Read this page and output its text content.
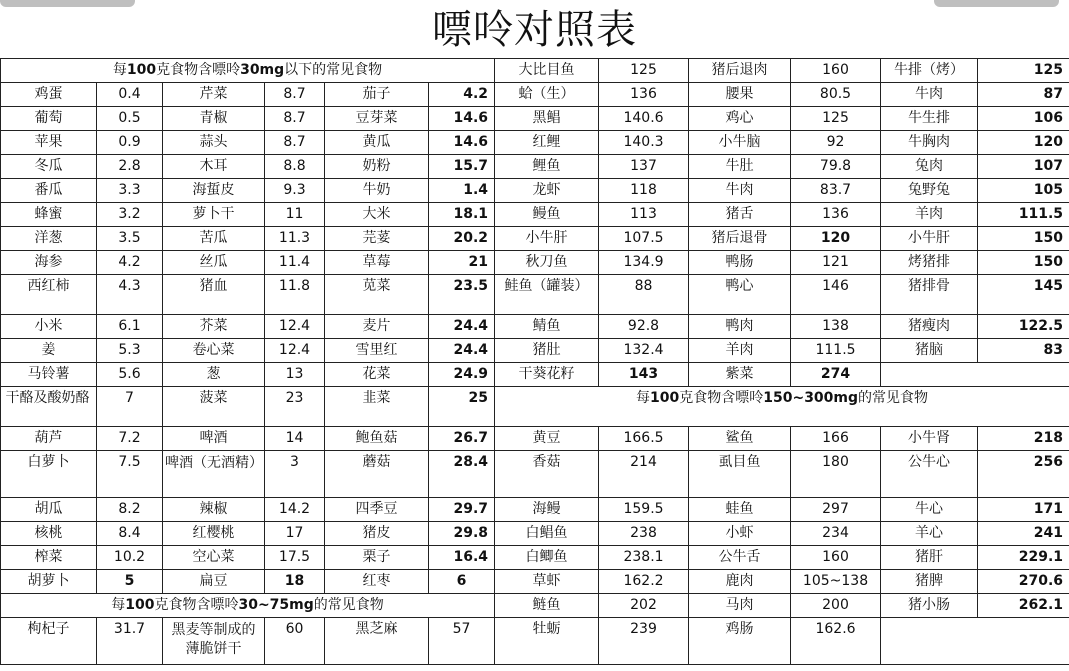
嘌呤对照表
每100克食物含嘌呤30mg以下的常见食物						大比目鱼	125	猪后退肉	160	牛排（烤）	125
鸡蛋	0.4	芹菜	8.7	茄子	4.2	蛤（生）	136	腰果	80.5	牛肉	87
葡萄	0.5	青椒	8.7	豆芽菜	14.6	黑鲳	140.6	鸡心	125	牛生排	106
苹果	0.9	蒜头	8.7	黄瓜	14.6	红鲤	140.3	小牛脑	92	牛胸肉	120
冬瓜	2.8	木耳	8.8	奶粉	15.7	鲤鱼	137	牛肚	79.8	兔肉	107
番瓜	3.3	海蜇皮	9.3	牛奶	1.4	龙虾	118	牛肉	83.7	兔野兔	105
蜂蜜	3.2	萝卜干	11	大米	18.1	鳗鱼	113	猪舌	136	羊肉	111.5
洋葱	3.5	苦瓜	11.3	芫荽	20.2	小牛肝	107.5	猪后退骨	120	小牛肝	150
海参	4.2	丝瓜	11.4	草莓	21	秋刀鱼	134.9	鸭肠	121	烤猪排	150
西红柿	4.3	猪血	11.8	苋菜	23.5	鲑鱼（罐装）	88	鸭心	146	猪排骨	145
小米	6.1	芥菜	12.4	麦片	24.4	鲭鱼	92.8	鸭肉	138	猪瘦肉	122.5
姜	5.3	卷心菜	12.4	雪里红	24.4	猪肚	132.4	羊肉	111.5	猪脑	83
马铃薯	5.6	葱	13	花菜	24.9	干葵花籽	143	紫菜	274		
干酪及酸奶酪	7	菠菜	23	韭菜	25	每100克食物含嘌呤150~300mg的常见食物					
葫芦	7.2	啤酒	14	鲍鱼菇	26.7	黄豆	166.5	鲨鱼	166	小牛肾	218
白萝卜	7.5	啤酒（无酒精）	3	蘑菇	28.4	香菇	214	虱目鱼	180	公牛心	256
胡瓜	8.2	辣椒	14.2	四季豆	29.7	海鳗	159.5	蛙鱼	297	牛心	171
核桃	8.4	红樱桃	17	猪皮	29.8	白鲳鱼	238	小虾	234	羊心	241
榨菜	10.2	空心菜	17.5	栗子	16.4	白鲫鱼	238.1	公牛舌	160	猪肝	229.1
胡萝卜	5	扁豆	18	红枣	6	草虾	162.2	鹿肉	105~138	猪脾	270.6
每100克食物含嘌呤30~75mg的常见食物						鲢鱼	202	马肉	200	猪小肠	262.1
枸杞子	31.7	黑麦等制成的薄脆饼干	60	黑芝麻	57	牡蛎	239	鸡肠	162.6		
